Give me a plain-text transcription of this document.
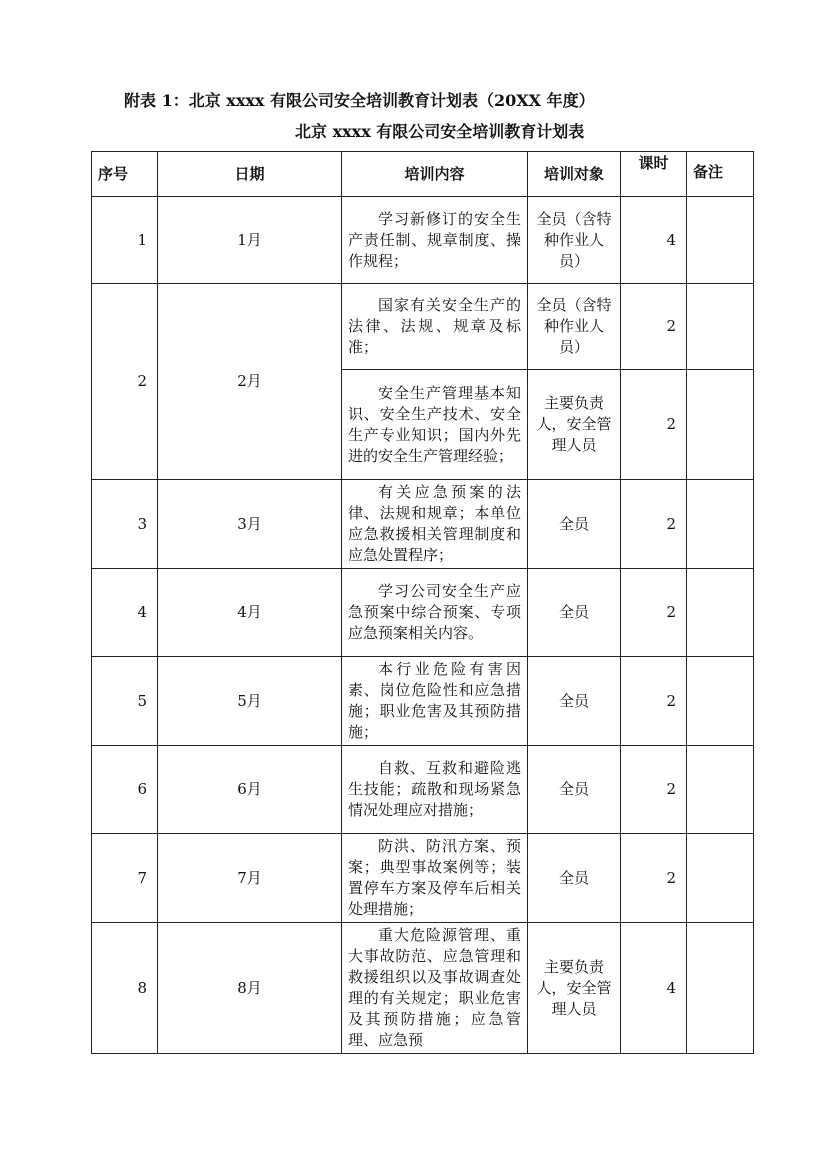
附表 1：北京 xxxx 有限公司安全培训教育计划表（20XX 年度）
北京 xxxx 有限公司安全培训教育计划表
序号	日期	培训内容	培训对象	课时	备注
1	1月	学习新修订的安全生产责任制、规章制度、操作规程；	全员（含特种作业人员）	4	
2	2月	国家有关安全生产的法律、法规、规章及标准；	全员（含特种作业人员）	2	
		安全生产管理基本知识、安全生产技术、安全生产专业知识；国内外先进的安全生产管理经验；	主要负责人，安全管理人员	2	
3	3月	有关应急预案的法律、法规和规章；本单位应急救援相关管理制度和应急处置程序；	全员	2	
4	4月	学习公司安全生产应急预案中综合预案、专项应急预案相关内容。	全员	2	
5	5月	本行业危险有害因素、岗位危险性和应急措施；职业危害及其预防措施；	全员	2	
6	6月	自救、互救和避险逃生技能；疏散和现场紧急情况处理应对措施；	全员	2	
7	7月	防洪、防汛方案、预案；典型事故案例等；装置停车方案及停车后相关处理措施；	全员	2	
8	8月	重大危险源管理、重大事故防范、应急管理和救援组织以及事故调查处理的有关规定；职业危害及其预防措施；应急管理、应急预	主要负责人，安全管理人员	4	
